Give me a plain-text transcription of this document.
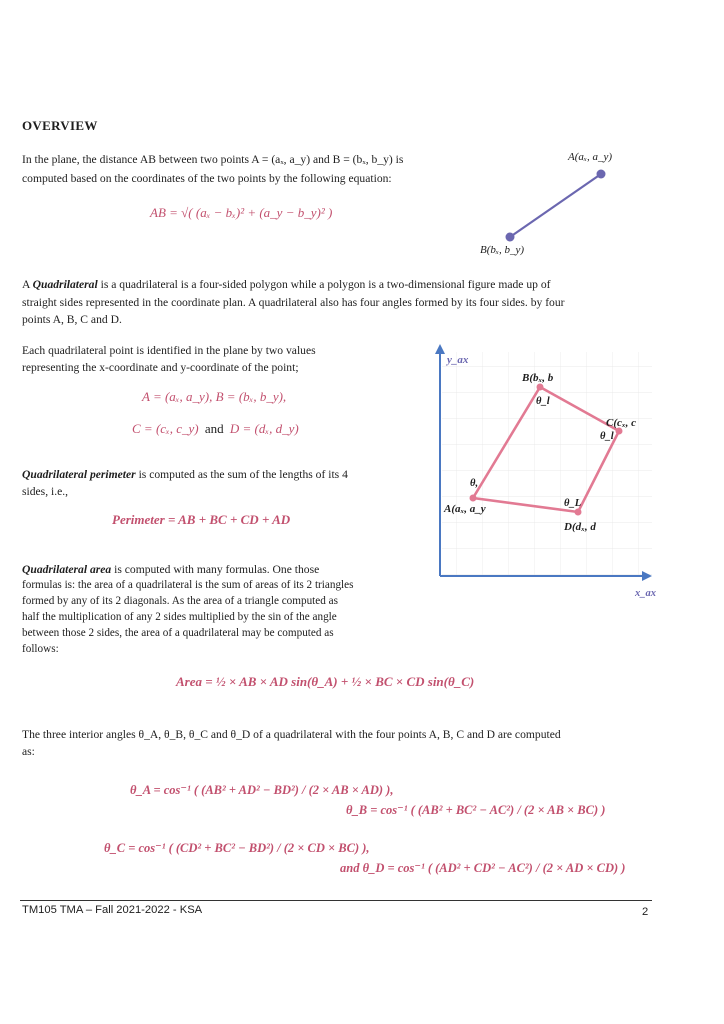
OVERVIEW
In the plane, the distance AB between two points A = (aₓ, a_y) and B = (bₓ, b_y) is
computed based on the coordinates of the two points by the following equation:
AB = √( (aₓ − bₓ)² + (a_y − b_y)² )
A(aₓ, a_y)
B(bₓ, b_y)
A Quadrilateral is a quadrilateral is a four-sided polygon while a polygon is a two-dimensional figure made up of
straight sides represented in the coordinate plan. A quadrilateral also has four angles formed by its four sides. by four
points A, B, C and D.
Each quadrilateral point is identified in the plane by two values
representing the x-coordinate and y-coordinate of the point;
A = (aₓ, a_y), B = (bₓ, b_y),
C = (cₓ, c_y) and D = (dₓ, d_y)
Quadrilateral perimeter is computed as the sum of the lengths of its 4
sides, i.e.,
Perimeter = AB + BC + CD + AD
Quadrilateral area is computed with many formulas. One those
formulas is: the area of a quadrilateral is the sum of areas of its 2 triangles
formed by any of its 2 diagonals. As the area of a triangle computed as
half the multiplication of any 2 sides multiplied by the sin of the angle
between those 2 sides, the area of a quadrilateral may be computed as
follows:
Area = ½ × AB × AD sin(θ_A) + ½ × BC × CD sin(θ_C)
y_ax
x_ax
A(aₓ, a_y
B(bₓ, b
C(cₓ, c
D(dₓ, d
θ,
θ_l
θ_l
θ_L
The three interior angles θ_A, θ_B, θ_C and θ_D of a quadrilateral with the four points A, B, C and D are computed
as:
θ_A = cos⁻¹ ( (AB² + AD² − BD²) / (2 × AB × AD) ),
θ_B = cos⁻¹ ( (AB² + BC² − AC²) / (2 × AB × BC) )
θ_C = cos⁻¹ ( (CD² + BC² − BD²) / (2 × CD × BC) ),
and θ_D = cos⁻¹ ( (AD² + CD² − AC²) / (2 × AD × CD) )
TM105 TMA – Fall 2021-2022 - KSA	2
